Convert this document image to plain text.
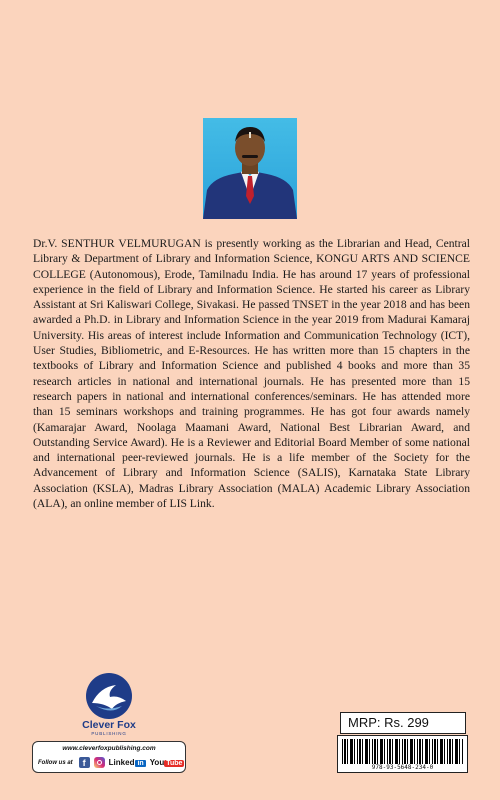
Dr.V. SENTHUR VELMURUGAN is presently working as the Librarian and Head, Central Library & Department of Library and Information Science, KONGU ARTS AND SCIENCE COLLEGE (Autonomous), Erode, Tamilnadu India. He has around 17 years of professional experience in the field of Library and Information Science. He started his career as Library Assistant at Sri Kaliswari College, Sivakasi. He passed TNSET in the year 2018 and has been awarded a Ph.D. in Library and Information Science in the year 2019 from Madurai Kamaraj University. His areas of interest include Information and Communication Technology (ICT), User Studies, Bibliometric, and E-Resources. He has written more than 15 chapters in the textbooks of Library and Information Science and published 4 books and more than 35 research articles in national and international journals. He has presented more than 15 research papers in national and international conferences/seminars. He has attended more than 15 seminars workshops and training programmes. He has got four awards namely (Kamarajar Award, Noolaga Maamani Award, National Best Librarian Award, and Outstanding Service Award). He is a Reviewer and Editorial Board Member of some national and international peer-reviewed journals. He is a life member of the Society for the Advancement of Library and Information Science (SALIS), Karnataka State Library Association (KSLA), Madras Library Association (MALA) Academic Library Association (ALA), an online member of LIS Link.

Clever Fox
PUBLISHING
www.cleverfoxpublishing.com
Follow us at	f	Linked in You Tube
MRP: Rs. 299
978-93-5648-234-0
